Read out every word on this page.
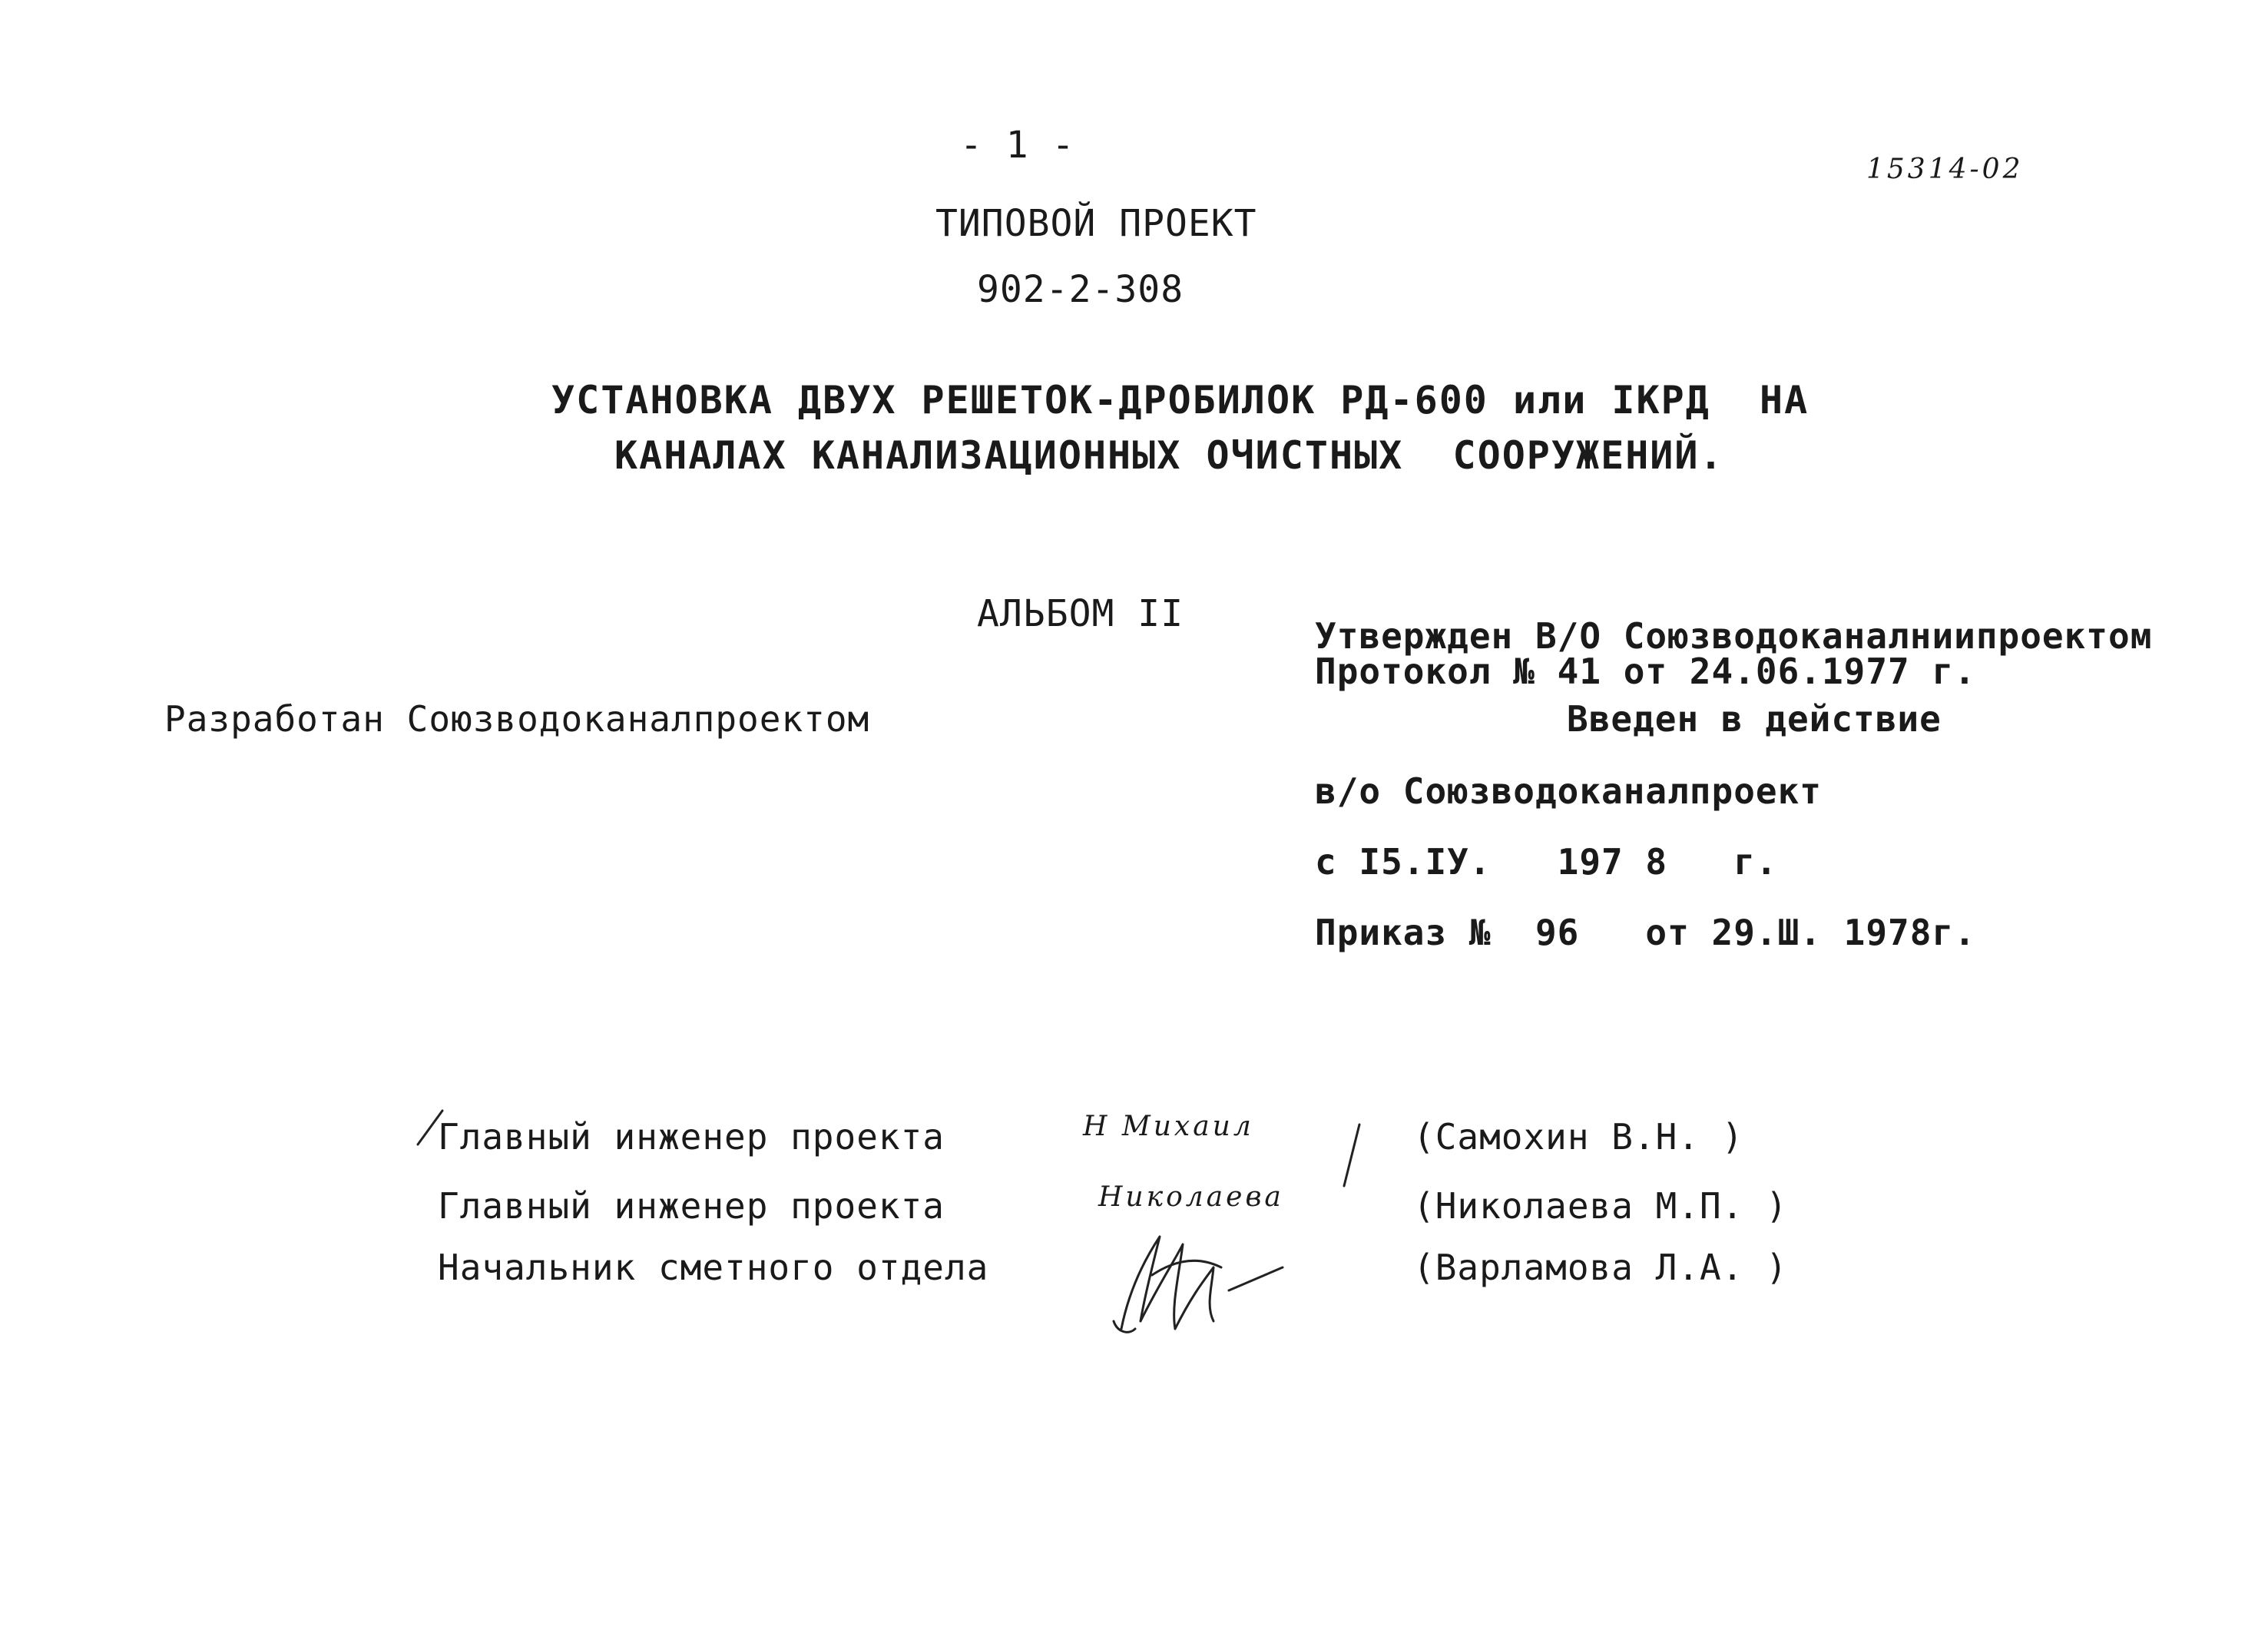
- 1 -
15314-02
ТИПОВОЙ ПРОЕКТ
902-2-308
УСТАНОВКА ДВУХ РЕШЕТОК-ДРОБИЛОК РД-600 или IКРД  НА
КАНАЛАХ КАНАЛИЗАЦИОННЫХ ОЧИСТНЫХ  СООРУЖЕНИЙ.
АЛЬБОМ II
Разработан Союзводоканалпроектом
Утвержден В/О Союзводоканалниипроектом
Протокол № 41 от 24.06.1977 г.
Введен в действие
в/о Союзводоканалпроект
с I5.IУ.   197 8   г.
Приказ №  96   от 29.Ш. 1978г.
Главный инженер проекта	Н Михаил	(Самохин В.Н. )
Главный инженер проекта	Николаева	(Николаева М.П. )
Начальник сметного отдела	(Варламова Л.А. )
